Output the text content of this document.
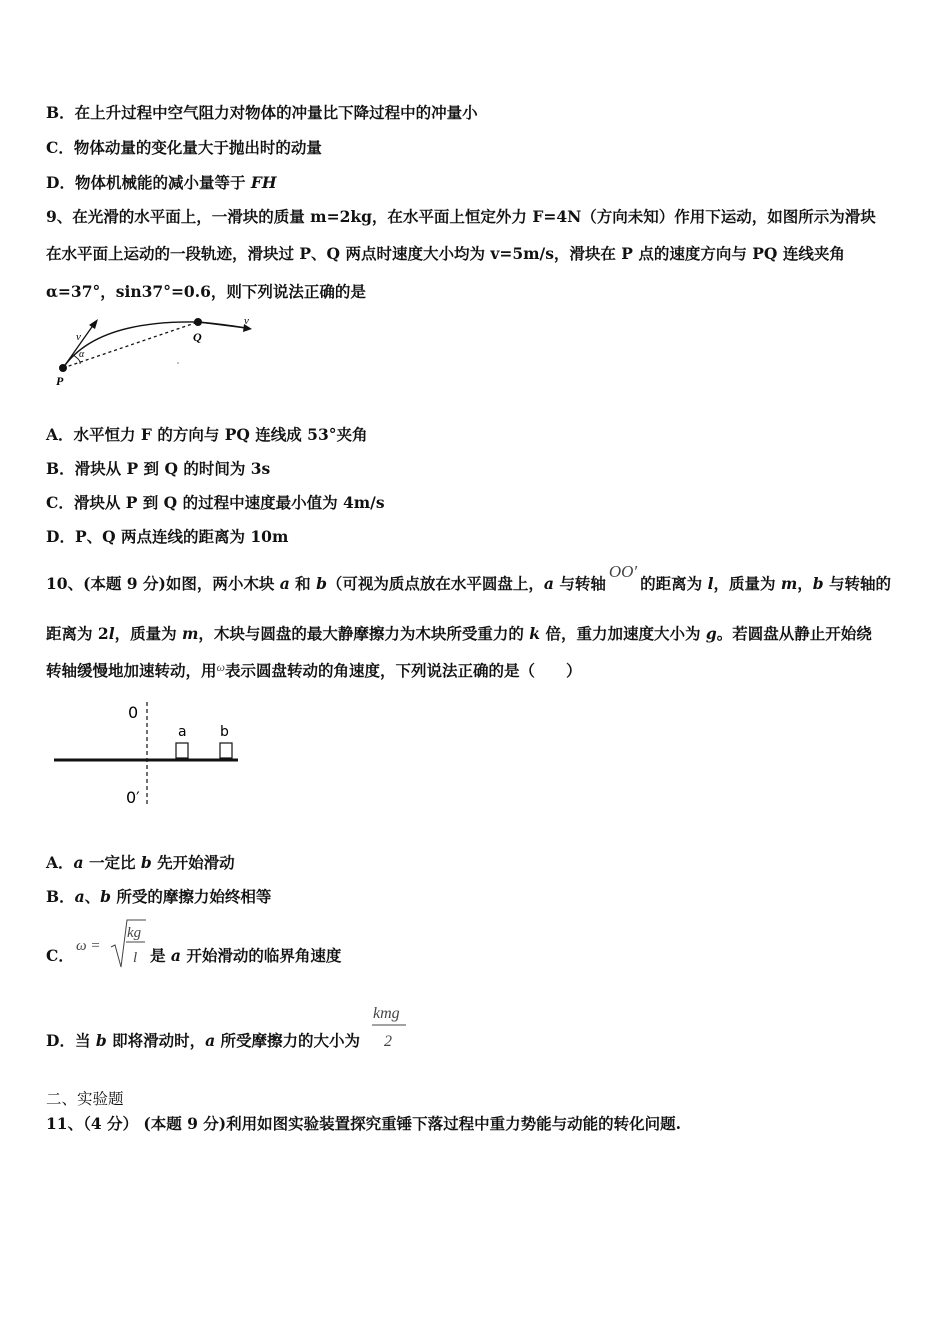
B．在上升过程中空气阻力对物体的冲量比下降过程中的冲量小
C．物体动量的变化量大于抛出时的动量
D．物体机械能的减小量等于 FH
9、在光滑的水平面上，一滑块的质量 m=2kg，在水平面上恒定外力 F=4N（方向未知）作用下运动，如图所示为滑块
在水平面上运动的一段轨迹，滑块过 P、Q 两点时速度大小均为 v=5m/s，滑块在 P 点的速度方向与 PQ 连线夹角
α=37°，sin37°=0.6，则下列说法正确的是
v
α
P
Q
v
A．水平恒力 F 的方向与 PQ 连线成 53°夹角
B．滑块从 P 到 Q 的时间为 3s
C．滑块从 P 到 Q 的过程中速度最小值为 4m/s
D．P、Q 两点连线的距离为 10m
10、(本题 9 分)如图，两小木块 a 和 b（可视为质点放在水平圆盘上，a 与转轴OO′的距离为 l，质量为 m，b 与转轴的
距离为 2l，质量为 m，木块与圆盘的最大静摩擦力为木块所受重力的 k 倍，重力加速度大小为 g。若圆盘从静止开始绕
转轴缓慢地加速转动，用$^\omega$表示圆盘转动的角速度，下列说法正确的是（　　）
0
a b
0′
A．a 一定比 b 先开始滑动
B．a、b 所受的摩擦力始终相等
C． ω =
kg
l 是 a 开始滑动的临界角速度
D．当 b 即将滑动时，a 所受摩擦力的大小为
kmg
2
二、实验题
11、（4 分） (本题 9 分)利用如图实验装置探究重锤下落过程中重力势能与动能的转化问题.
